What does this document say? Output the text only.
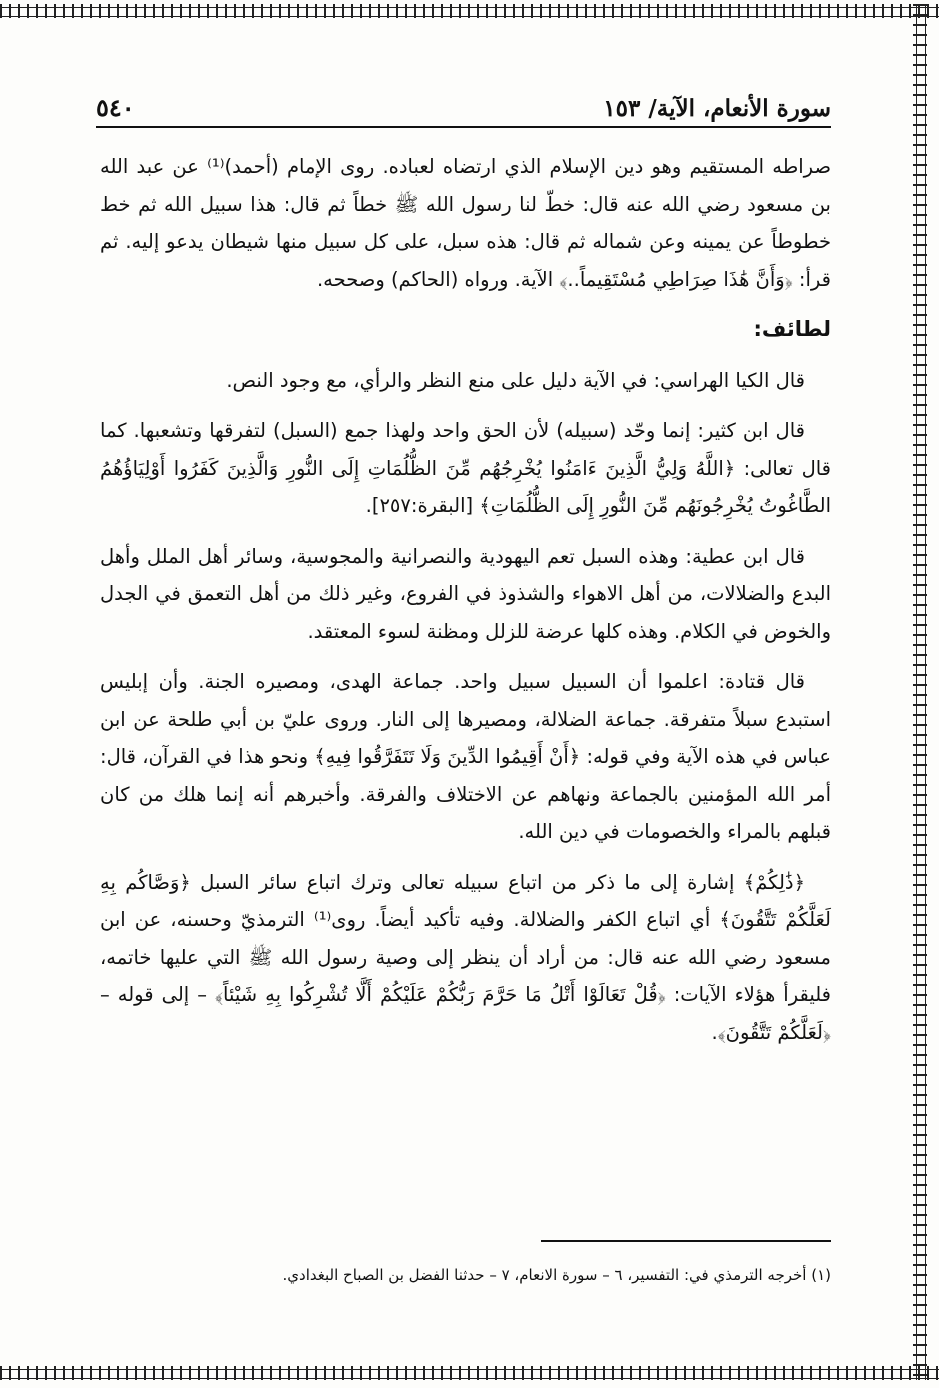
سورة الأنعام، الآية/ ١٥٣
٥٤٠

صراطه المستقيم وهو دين الإسلام الذي ارتضاه لعباده. روى الإمام (أحمد)⁽¹⁾ عن عبد الله بن مسعود رضي الله عنه قال: خطّ لنا رسول الله ﷺ خطاً ثم قال: هذا سبيل الله ثم خط خطوطاً عن يمينه وعن شماله ثم قال: هذه سبل، على كل سبيل منها شيطان يدعو إليه. ثم قرأ: ﴿وَأَنَّ هَٰذَا صِرَاطِي مُسْتَقِيماً..﴾ الآية. ورواه (الحاكم) وصححه.

لطائف:

قال الكيا الهراسي: في الآية دليل على منع النظر والرأي، مع وجود النص.

قال ابن كثير: إنما وحّد (سبيله) لأن الحق واحد ولهذا جمع (السبل) لتفرقها وتشعبها. كما قال تعالى: ﴿اللَّهُ وَلِيُّ الَّذِينَ ءَامَنُوا يُخْرِجُهُم مِّنَ الظُّلُمَاتِ إِلَى النُّورِ وَالَّذِينَ كَفَرُوا أَوْلِيَاؤُهُمُ الطَّاغُوتُ يُخْرِجُونَهُم مِّنَ النُّورِ إِلَى الظُّلُمَاتِ﴾ [البقرة:٢٥٧].

قال ابن عطية: وهذه السبل تعم اليهودية والنصرانية والمجوسية، وسائر أهل الملل وأهل البدع والضلالات، من أهل الاهواء والشذوذ في الفروع، وغير ذلك من أهل التعمق في الجدل والخوض في الكلام. وهذه كلها عرضة للزلل ومظنة لسوء المعتقد.

قال قتادة: اعلموا أن السبيل سبيل واحد. جماعة الهدى، ومصيره الجنة. وأن إبليس استبدع سبلاً متفرقة. جماعة الضلالة، ومصيرها إلى النار. وروى عليّ بن أبي طلحة عن ابن عباس في هذه الآية وفي قوله: ﴿أَنْ أَقِيمُوا الدِّينَ وَلَا تَتَفَرَّقُوا فِيهِ﴾ ونحو هذا في القرآن، قال: أمر الله المؤمنين بالجماعة ونهاهم عن الاختلاف والفرقة. وأخبرهم أنه إنما هلك من كان قبلهم بالمراء والخصومات في دين الله.

﴿ذَٰلِكُمْ﴾ إشارة إلى ما ذكر من اتباع سبيله تعالى وترك اتباع سائر السبل ﴿وَصَّاكُم بِهِ لَعَلَّكُمْ تَتَّقُونَ﴾ أي اتباع الكفر والضلالة. وفيه تأكيد أيضاً. روى⁽¹⁾ الترمذيّ وحسنه، عن ابن مسعود رضي الله عنه قال: من أراد أن ينظر إلى وصية رسول الله ﷺ التي عليها خاتمه، فليقرأ هؤلاء الآيات: ﴿قُلْ تَعَالَوْا أَتْلُ مَا حَرَّمَ رَبُّكُمْ عَلَيْكُمْ أَلَّا تُشْرِكُوا بِهِ شَيْئاً﴾ – إلى قوله – ﴿لَعَلَّكُمْ تَتَّقُونَ﴾.

(١) أخرجه الترمذي في: التفسير، ٦ – سورة الانعام، ٧ – حدثنا الفضل بن الصباح البغدادي.
